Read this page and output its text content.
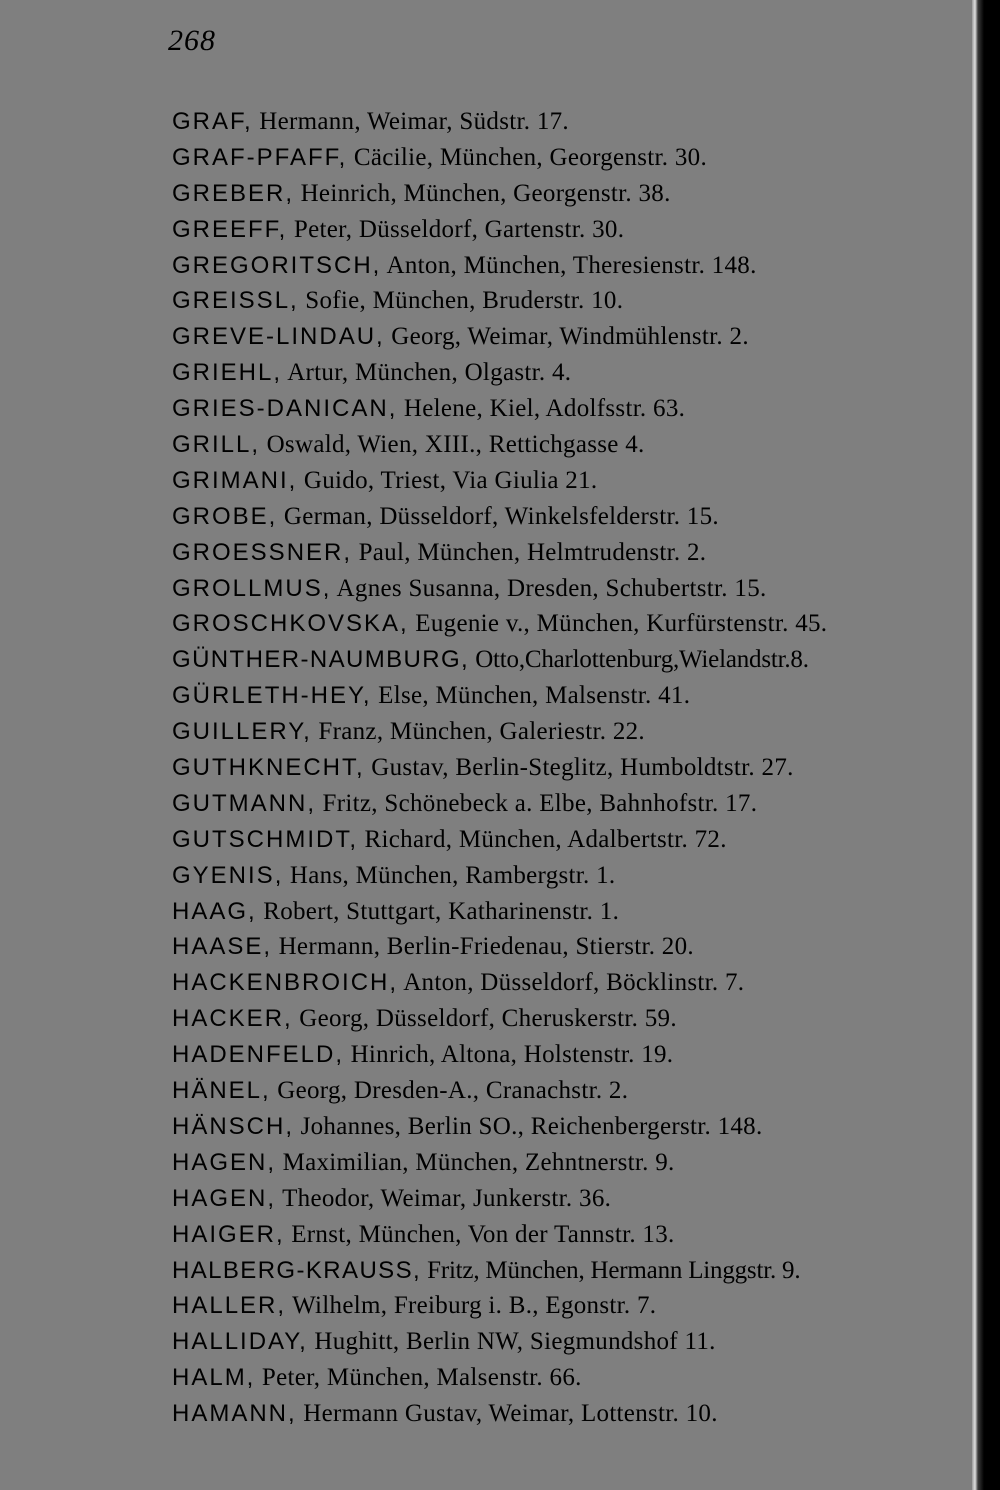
268
GRAF, Hermann, Weimar, Südstr. 17.
GRAF-PFAFF, Cäcilie, München, Georgenstr. 30.
GREBER, Heinrich, München, Georgenstr. 38.
GREEFF, Peter, Düsseldorf, Gartenstr. 30.
GREGORITSCH, Anton, München, Theresienstr. 148.
GREISSL, Sofie, München, Bruderstr. 10.
GREVE-LINDAU, Georg, Weimar, Windmühlenstr. 2.
GRIEHL, Artur, München, Olgastr. 4.
GRIES-DANICAN, Helene, Kiel, Adolfsstr. 63.
GRILL, Oswald, Wien, XIII., Rettichgasse 4.
GRIMANI, Guido, Triest, Via Giulia 21.
GROBE, German, Düsseldorf, Winkelsfelderstr. 15.
GROESSNER, Paul, München, Helmtrudenstr. 2.
GROLLMUS, Agnes Susanna, Dresden, Schubertstr. 15.
GROSCHKOVSKA, Eugenie v., München, Kurfürstenstr. 45.
GÜNTHER-NAUMBURG, Otto,Charlottenburg,Wielandstr.8.
GÜRLETH-HEY, Else, München, Malsenstr. 41.
GUILLERY, Franz, München, Galeriestr. 22.
GUTHKNECHT, Gustav, Berlin-Steglitz, Humboldtstr. 27.
GUTMANN, Fritz, Schönebeck a. Elbe, Bahnhofstr. 17.
GUTSCHMIDT, Richard, München, Adalbertstr. 72.
GYENIS, Hans, München, Rambergstr. 1.
HAAG, Robert, Stuttgart, Katharinenstr. 1.
HAASE, Hermann, Berlin-Friedenau, Stierstr. 20.
HACKENBROICH, Anton, Düsseldorf, Böcklinstr. 7.
HACKER, Georg, Düsseldorf, Cheruskerstr. 59.
HADENFELD, Hinrich, Altona, Holstenstr. 19.
HÄNEL, Georg, Dresden-A., Cranachstr. 2.
HÄNSCH, Johannes, Berlin SO., Reichenbergerstr. 148.
HAGEN, Maximilian, München, Zehntnerstr. 9.
HAGEN, Theodor, Weimar, Junkerstr. 36.
HAIGER, Ernst, München, Von der Tannstr. 13.
HALBERG-KRAUSS, Fritz, München, Hermann Linggstr. 9.
HALLER, Wilhelm, Freiburg i. B., Egonstr. 7.
HALLIDAY, Hughitt, Berlin NW, Siegmundshof 11.
HALM, Peter, München, Malsenstr. 66.
HAMANN, Hermann Gustav, Weimar, Lottenstr. 10.
